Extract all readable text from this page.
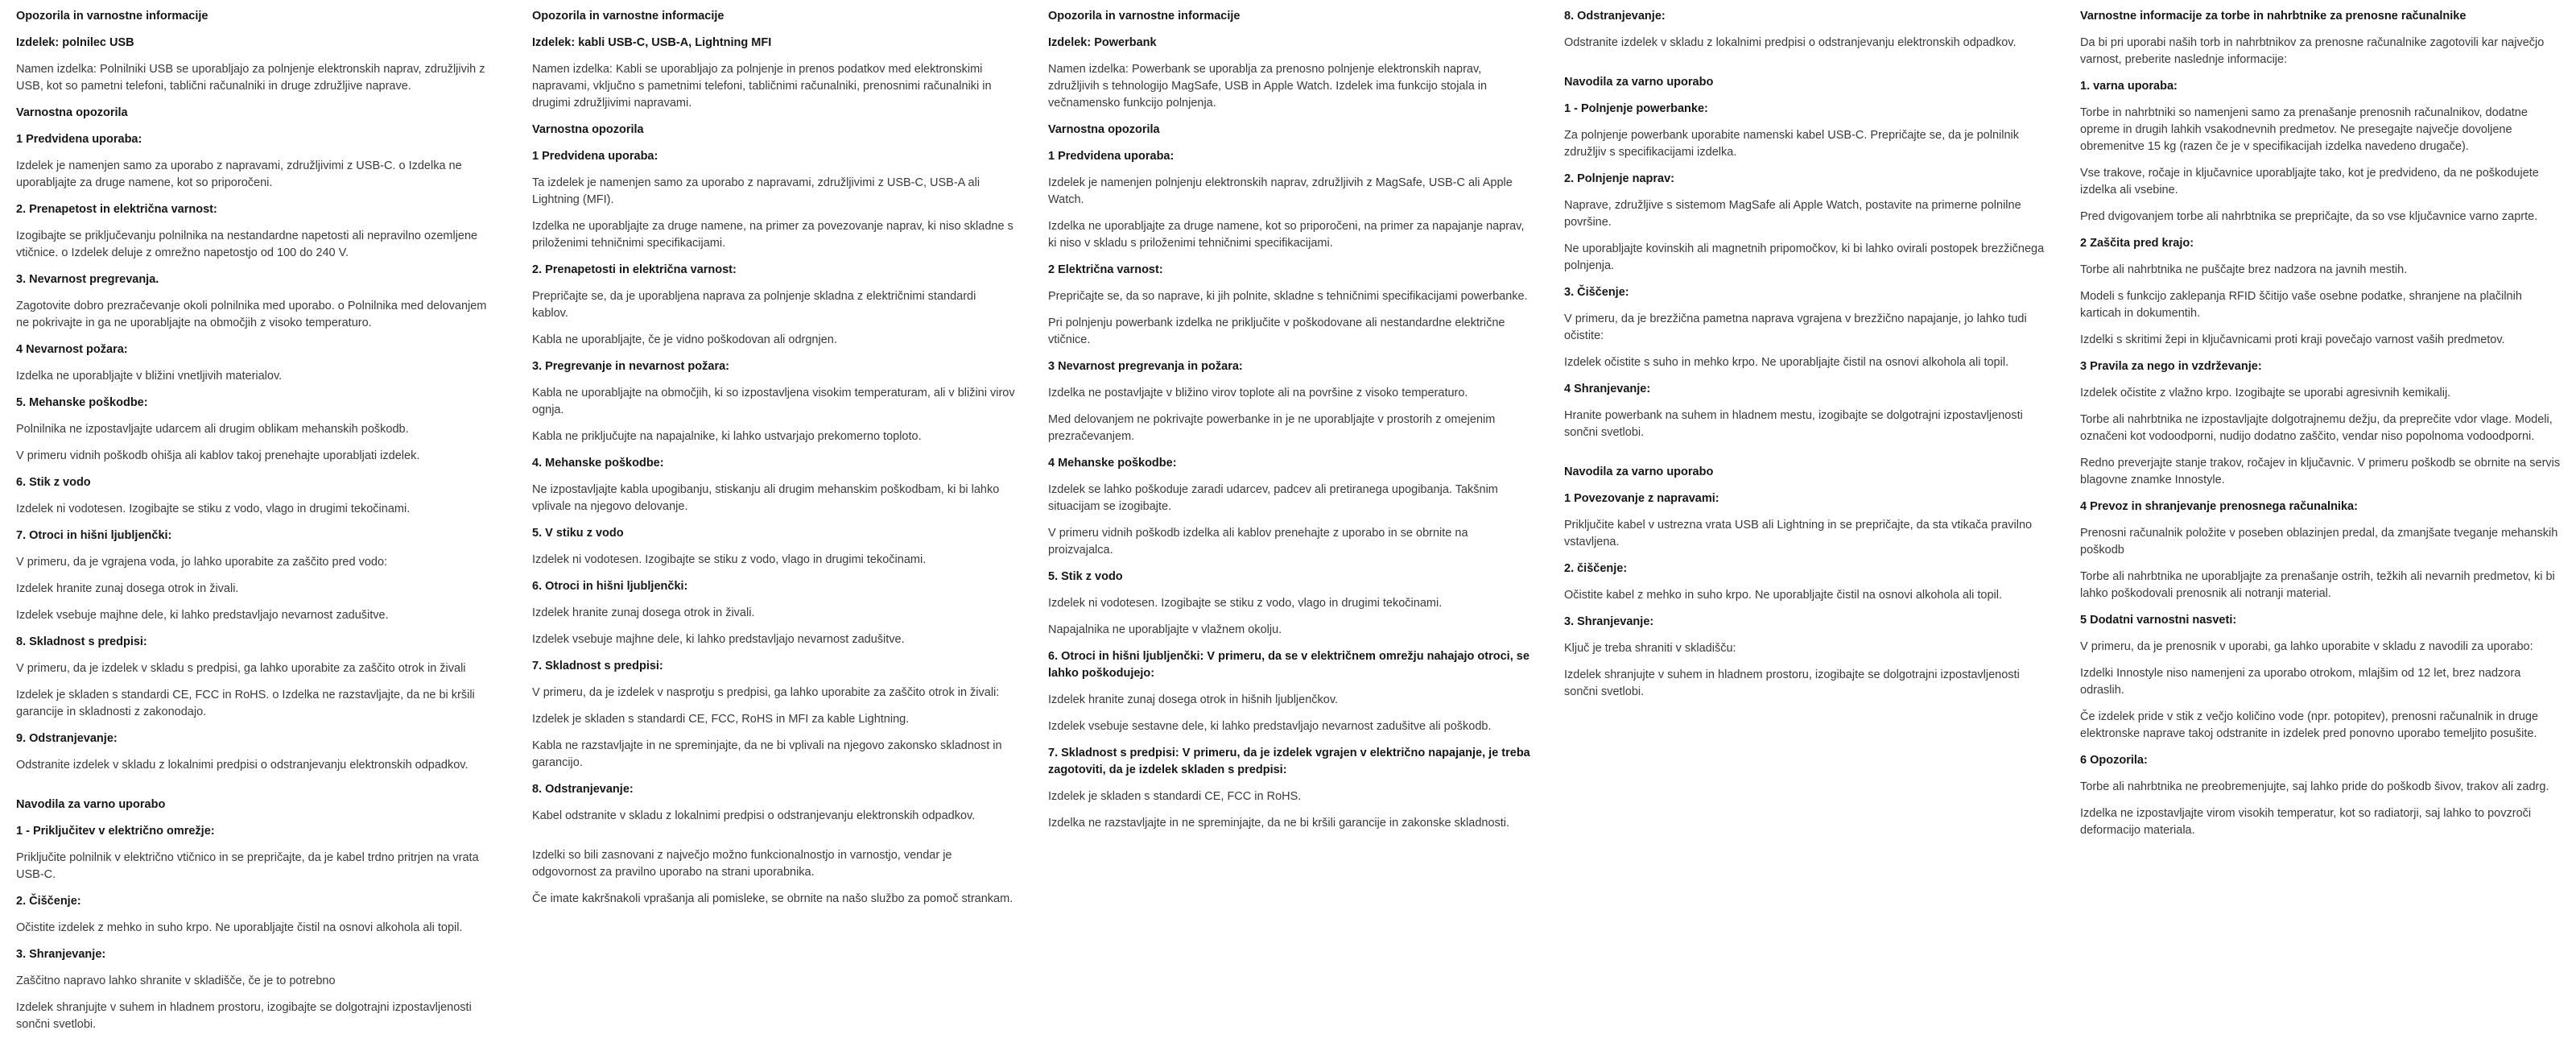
Opozorila in varnostne informacije
Izdelek: polnilec USB

Namen izdelka: Polnilniki USB se uporabljajo za polnjenje elektronskih naprav, združljivih z USB, kot so pametni telefoni, tablični računalniki in druge združljive naprave.

Varnostna opozorila
1 Predvidena uporaba:

Izdelek je namenjen samo za uporabo z napravami, združljivimi z USB-C. o Izdelka ne uporabljajte za druge namene, kot so priporočeni.

2. Prenapetost in električna varnost:

Izogibajte se priključevanju polnilnika na nestandardne napetosti ali nepravilno ozemljene vtičnice. o Izdelek deluje z omrežno napetostjo od 100 do 240 V.

3. Nevarnost pregrevanja.

Zagotovite dobro prezračevanje okoli polnilnika med uporabo. o Polnilnika med delovanjem ne pokrivajte in ga ne uporabljajte na območjih z visoko temperaturo.

4 Nevarnost požara:

Izdelka ne uporabljajte v bližini vnetljivih materialov.

5. Mehanske poškodbe:

Polnilnika ne izpostavljajte udarcem ali drugim oblikam mehanskih poškodb.

V primeru vidnih poškodb ohišja ali kablov takoj prenehajte uporabljati izdelek.

6. Stik z vodo

Izdelek ni vodotesen. Izogibajte se stiku z vodo, vlago in drugimi tekočinami.

7. Otroci in hišni ljubljenčki:

V primeru, da je vgrajena voda, jo lahko uporabite za zaščito pred vodo:

Izdelek hranite zunaj dosega otrok in živali.

Izdelek vsebuje majhne dele, ki lahko predstavljajo nevarnost zadušitve.

8. Skladnost s predpisi:

V primeru, da je izdelek v skladu s predpisi, ga lahko uporabite za zaščito otrok in živali

Izdelek je skladen s standardi CE, FCC in RoHS. o Izdelka ne razstavljajte, da ne bi kršili garancije in skladnosti z zakonodajo.

9. Odstranjevanje:

Odstranite izdelek v skladu z lokalnimi predpisi o odstranjevanju elektronskih odpadkov.

Navodila za varno uporabo
1 - Priključitev v električno omrežje:

Priključite polnilnik v električno vtičnico in se prepričajte, da je kabel trdno pritrjen na vrata USB-C.

2. Čiščenje:

Očistite izdelek z mehko in suho krpo. Ne uporabljajte čistil na osnovi alkohola ali topil.

3. Shranjevanje:

Zaščitno napravo lahko shranite v skladišče, če je to potrebno

Izdelek shranjujte v suhem in hladnem prostoru, izogibajte se dolgotrajni izpostavljenosti sončni svetlobi.

Opozorila in varnostne informacije
Izdelek: kabli USB-C, USB-A, Lightning MFI

Namen izdelka: Kabli se uporabljajo za polnjenje in prenos podatkov med elektronskimi napravami, vključno s pametnimi telefoni, tabličnimi računalniki, prenosnimi računalniki in drugimi združljivimi napravami.

Varnostna opozorila
1 Predvidena uporaba:

Ta izdelek je namenjen samo za uporabo z napravami, združljivimi z USB-C, USB-A ali Lightning (MFI).

Izdelka ne uporabljajte za druge namene, na primer za povezovanje naprav, ki niso skladne s priloženimi tehničnimi specifikacijami.

2. Prenapetosti in električna varnost:

Prepričajte se, da je uporabljena naprava za polnjenje skladna z električnimi standardi kablov.

Kabla ne uporabljajte, če je vidno poškodovan ali odrgnjen.

3. Pregrevanje in nevarnost požara:

Kabla ne uporabljajte na območjih, ki so izpostavljena visokim temperaturam, ali v bližini virov ognja.

Kabla ne priključujte na napajalnike, ki lahko ustvarjajo prekomerno toploto.

4. Mehanske poškodbe:

Ne izpostavljajte kabla upogibanju, stiskanju ali drugim mehanskim poškodbam, ki bi lahko vplivale na njegovo delovanje.

5. V stiku z vodo

Izdelek ni vodotesen. Izogibajte se stiku z vodo, vlago in drugimi tekočinami.

6. Otroci in hišni ljubljenčki:

Izdelek hranite zunaj dosega otrok in živali.

Izdelek vsebuje majhne dele, ki lahko predstavljajo nevarnost zadušitve.

7. Skladnost s predpisi:

V primeru, da je izdelek v nasprotju s predpisi, ga lahko uporabite za zaščito otrok in živali:

Izdelek je skladen s standardi CE, FCC, RoHS in MFI za kable Lightning.

Kabla ne razstavljajte in ne spreminjajte, da ne bi vplivali na njegovo zakonsko skladnost in garancijo.

8. Odstranjevanje:

Kabel odstranite v skladu z lokalnimi predpisi o odstranjevanju elektronskih odpadkov.

Izdelki so bili zasnovani z največjo možno funkcionalnostjo in varnostjo, vendar je odgovornost za pravilno uporabo na strani uporabnika.

Če imate kakršnakoli vprašanja ali pomisleke, se obrnite na našo službo za pomoč strankam.

Opozorila in varnostne informacije
Izdelek: Powerbank

Namen izdelka: Powerbank se uporablja za prenosno polnjenje elektronskih naprav, združljivih s tehnologijo MagSafe, USB in Apple Watch. Izdelek ima funkcijo stojala in večnamensko funkcijo polnjenja.

Varnostna opozorila
1 Predvidena uporaba:

Izdelek je namenjen polnjenju elektronskih naprav, združljivih z MagSafe, USB-C ali Apple Watch.

Izdelka ne uporabljajte za druge namene, kot so priporočeni, na primer za napajanje naprav, ki niso v skladu s priloženimi tehničnimi specifikacijami.

2 Električna varnost:

Prepričajte se, da so naprave, ki jih polnite, skladne s tehničnimi specifikacijami powerbanke.

Pri polnjenju powerbank izdelka ne priključite v poškodovane ali nestandardne električne vtičnice.

3 Nevarnost pregrevanja in požara:

Izdelka ne postavljajte v bližino virov toplote ali na površine z visoko temperaturo.

Med delovanjem ne pokrivajte powerbanke in je ne uporabljajte v prostorih z omejenim prezračevanjem.

4 Mehanske poškodbe:

Izdelek se lahko poškoduje zaradi udarcev, padcev ali pretiranega upogibanja. Takšnim situacijam se izogibajte.

V primeru vidnih poškodb izdelka ali kablov prenehajte z uporabo in se obrnite na proizvajalca.

5. Stik z vodo

Izdelek ni vodotesen. Izogibajte se stiku z vodo, vlago in drugimi tekočinami.

Napajalnika ne uporabljajte v vlažnem okolju.

6. Otroci in hišni ljubljenčki: V primeru, da se v električnem omrežju nahajajo otroci, se lahko poškodujejo:

Izdelek hranite zunaj dosega otrok in hišnih ljubljenčkov.

Izdelek vsebuje sestavne dele, ki lahko predstavljajo nevarnost zadušitve ali poškodb.

7. Skladnost s predpisi: V primeru, da je izdelek vgrajen v električno napajanje, je treba zagotoviti, da je izdelek skladen s predpisi:

Izdelek je skladen s standardi CE, FCC in RoHS.

Izdelka ne razstavljajte in ne spreminjajte, da ne bi kršili garancije in zakonske skladnosti.

8. Odstranjevanje:

Odstranite izdelek v skladu z lokalnimi predpisi o odstranjevanju elektronskih odpadkov.

Navodila za varno uporabo
1 - Polnjenje powerbanke:

Za polnjenje powerbank uporabite namenski kabel USB-C. Prepričajte se, da je polnilnik združljiv s specifikacijami izdelka.

2. Polnjenje naprav:

Naprave, združljive s sistemom MagSafe ali Apple Watch, postavite na primerne polnilne površine.

Ne uporabljajte kovinskih ali magnetnih pripomočkov, ki bi lahko ovirali postopek brezžičnega polnjenja.

3. Čiščenje:

V primeru, da je brezžična pametna naprava vgrajena v brezžično napajanje, jo lahko tudi očistite:

Izdelek očistite s suho in mehko krpo. Ne uporabljajte čistil na osnovi alkohola ali topil.

4 Shranjevanje:

Hranite powerbank na suhem in hladnem mestu, izogibajte se dolgotrajni izpostavljenosti sončni svetlobi.

Navodila za varno uporabo
1 Povezovanje z napravami:

Priključite kabel v ustrezna vrata USB ali Lightning in se prepričajte, da sta vtikača pravilno vstavljena.

2. čiščenje:

Očistite kabel z mehko in suho krpo. Ne uporabljajte čistil na osnovi alkohola ali topil.

3. Shranjevanje:

Ključ je treba shraniti v skladišču:

Izdelek shranjujte v suhem in hladnem prostoru, izogibajte se dolgotrajni izpostavljenosti sončni svetlobi.

Varnostne informacije za torbe in nahrbtnike za prenosne računalnike

Da bi pri uporabi naših torb in nahrbtnikov za prenosne računalnike zagotovili kar največjo varnost, preberite naslednje informacije:

1. varna uporaba:

Torbe in nahrbtniki so namenjeni samo za prenašanje prenosnih računalnikov, dodatne opreme in drugih lahkih vsakodnevnih predmetov. Ne presegajte največje dovoljene obremenitve 15 kg (razen če je v specifikacijah izdelka navedeno drugače).

Vse trakove, ročaje in ključavnice uporabljajte tako, kot je predvideno, da ne poškodujete izdelka ali vsebine.

Pred dvigovanjem torbe ali nahrbtnika se prepričajte, da so vse ključavnice varno zaprte.

2 Zaščita pred krajo:

Torbe ali nahrbtnika ne puščajte brez nadzora na javnih mestih.

Modeli s funkcijo zaklepanja RFID ščitijo vaše osebne podatke, shranjene na plačilnih karticah in dokumentih.

Izdelki s skritimi žepi in ključavnicami proti kraji povečajo varnost vaših predmetov.

3 Pravila za nego in vzdrževanje:

Izdelek očistite z vlažno krpo. Izogibajte se uporabi agresivnih kemikalij.

Torbe ali nahrbtnika ne izpostavljajte dolgotrajnemu dežju, da preprečite vdor vlage. Modeli, označeni kot vodoodporni, nudijo dodatno zaščito, vendar niso popolnoma vodoodporni.

Redno preverjajte stanje trakov, ročajev in ključavnic. V primeru poškodb se obrnite na servis blagovne znamke Innostyle.

4 Prevoz in shranjevanje prenosnega računalnika:

Prenosni računalnik položite v poseben oblazinjen predal, da zmanjšate tveganje mehanskih poškodb

Torbe ali nahrbtnika ne uporabljajte za prenašanje ostrih, težkih ali nevarnih predmetov, ki bi lahko poškodovali prenosnik ali notranji material.

5 Dodatni varnostni nasveti:

V primeru, da je prenosnik v uporabi, ga lahko uporabite v skladu z navodili za uporabo:

Izdelki Innostyle niso namenjeni za uporabo otrokom, mlajšim od 12 let, brez nadzora odraslih.

Če izdelek pride v stik z večjo količino vode (npr. potopitev), prenosni računalnik in druge elektronske naprave takoj odstranite in izdelek pred ponovno uporabo temeljito posušite.

6 Opozorila:

Torbe ali nahrbtnika ne preobremenjujte, saj lahko pride do poškodb šivov, trakov ali zadrg.

Izdelka ne izpostavljajte virom visokih temperatur, kot so radiatorji, saj lahko to povzroči deformacijo materiala.
